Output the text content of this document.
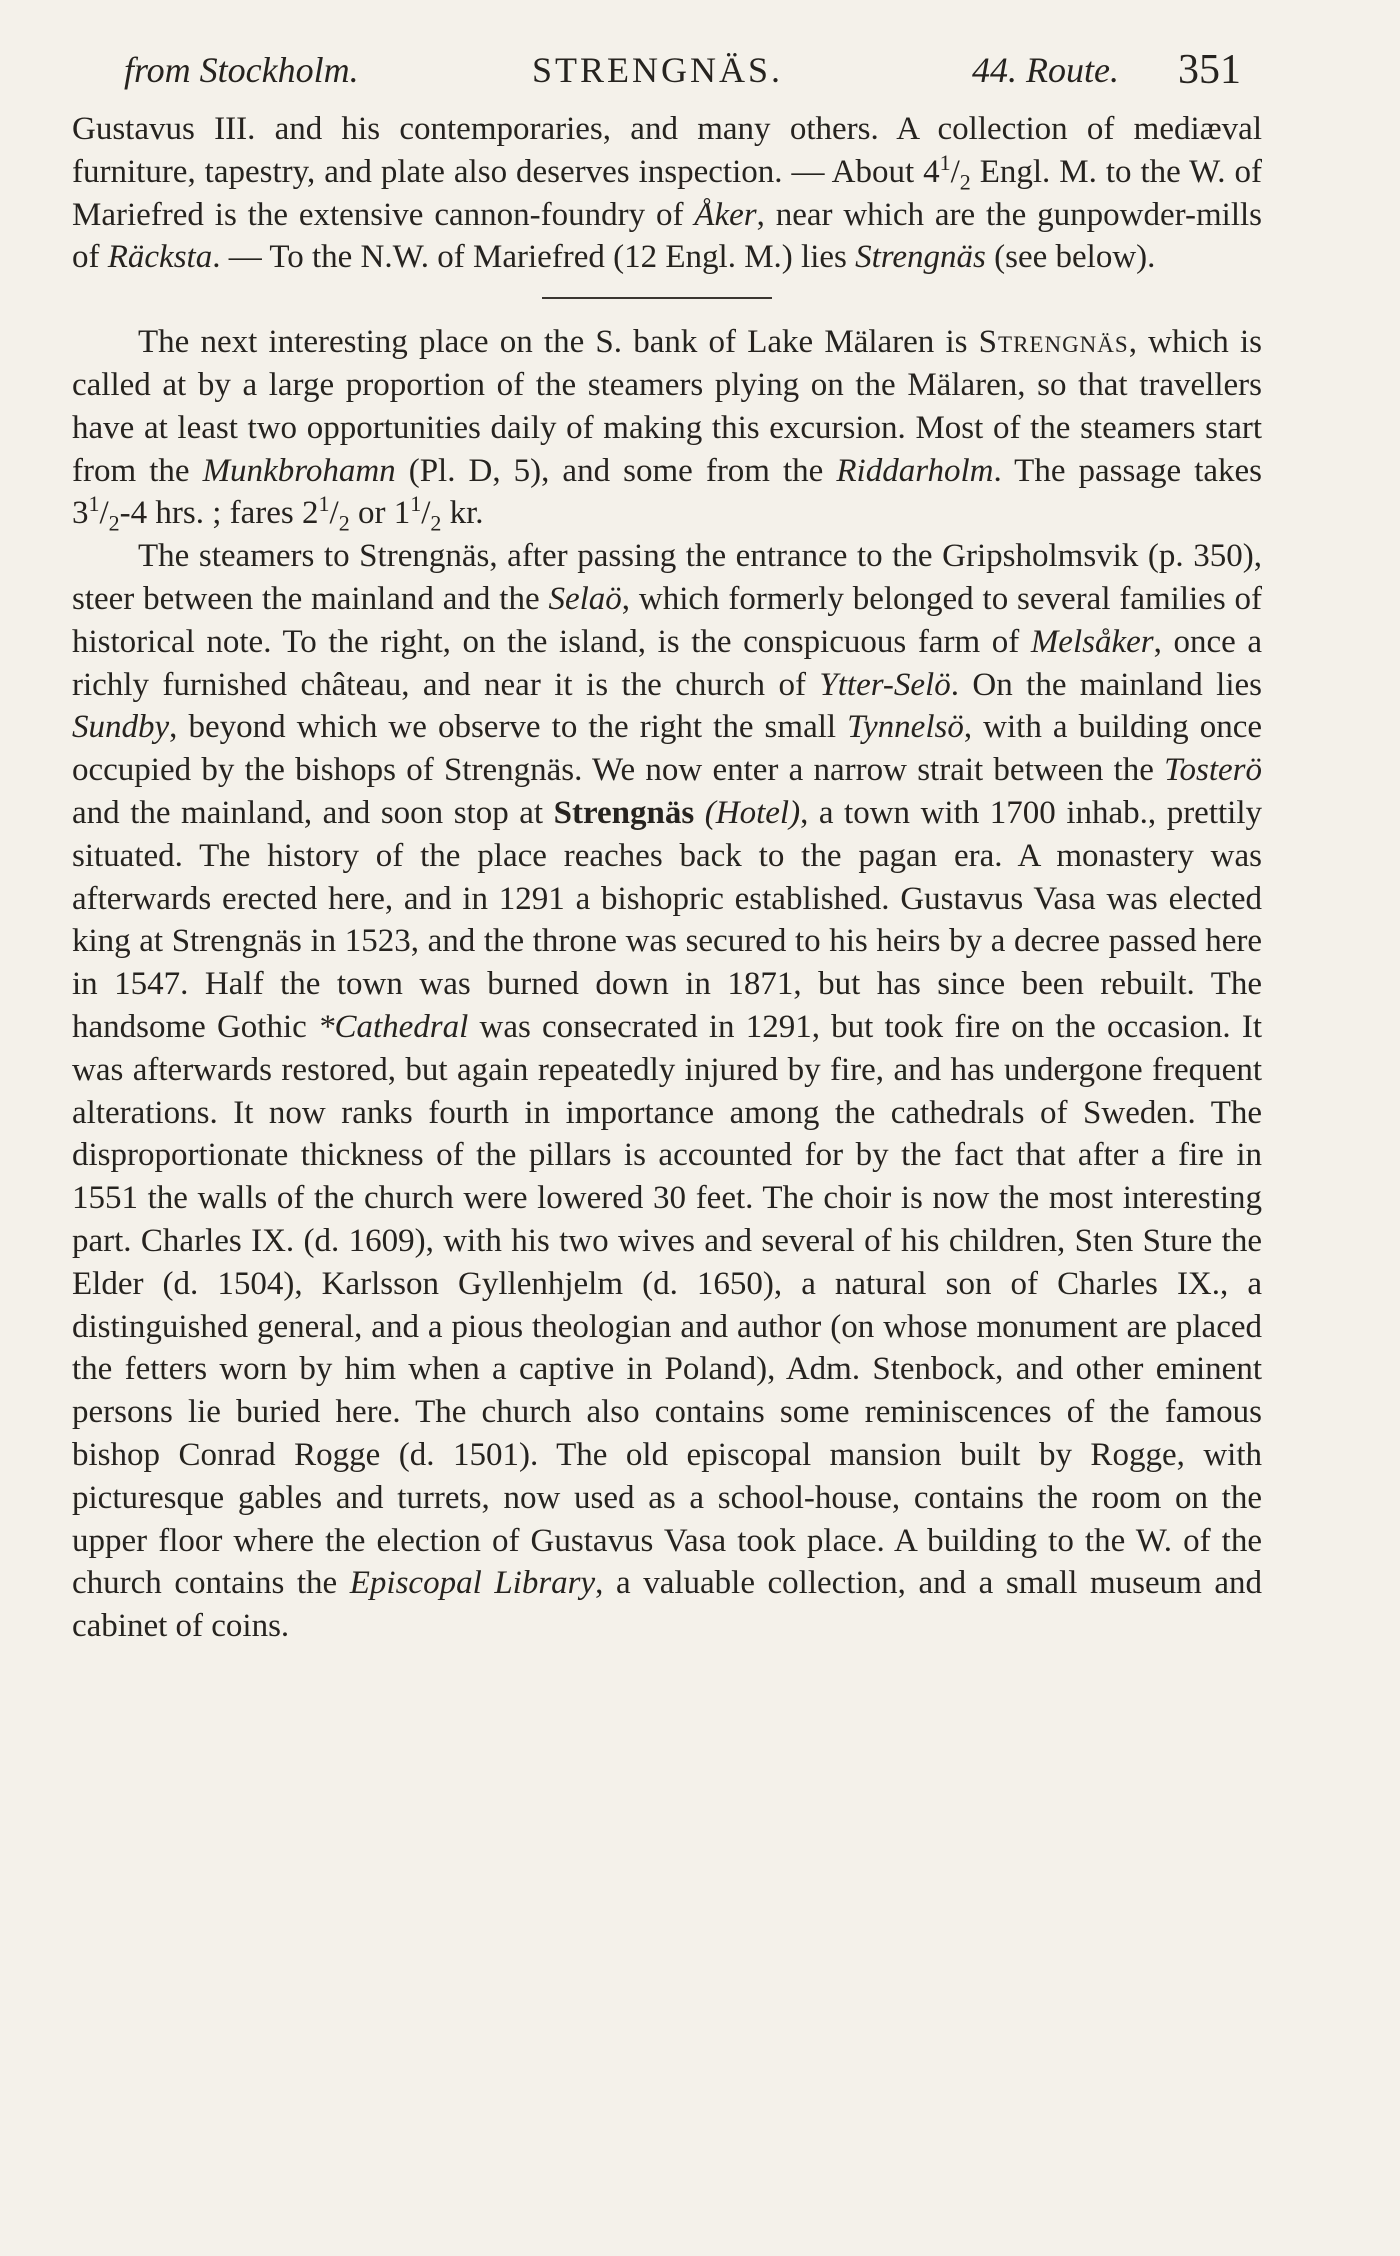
from Stockholm.	STRENGNÄS.	44. Route. 351

Gustavus III. and his contemporaries, and many others. A collection of mediæval furniture, tapestry, and plate also deserves inspection. — About $4^1/_2$ Engl. M. to the W. of Mariefred is the extensive cannon-foundry of Åker, near which are the gunpowder-mills of Räcksta. — To the N.W. of Mariefred (12 Engl. M.) lies Strengnäs (see below).

The next interesting place on the S. bank of Lake Mälaren is Strengnäs, which is called at by a large proportion of the steamers plying on the Mälaren, so that travellers have at least two opportunities daily of making this excursion. Most of the steamers start from the Munkbrohamn (Pl. D, 5), and some from the Riddarholm. The passage takes $3^1/_2-4$ hrs. ; fares $2^1/_2$ or $1^1/_2$ kr.

The steamers to Strengnäs, after passing the entrance to the Gripsholmsvik (p. 350), steer between the mainland and the Selaö, which formerly belonged to several families of historical note. To the right, on the island, is the conspicuous farm of Melsåker, once a richly furnished château, and near it is the church of Ytter-Selö. On the mainland lies Sundby, beyond which we observe to the right the small Tynnelsö, with a building once occupied by the bishops of Strengnäs. We now enter a narrow strait between the Tosterö and the mainland, and soon stop at Strengnäs (Hotel), a town with 1700 inhab., prettily situated. The history of the place reaches back to the pagan era. A monastery was afterwards erected here, and in 1291 a bishopric established. Gustavus Vasa was elected king at Strengnäs in 1523, and the throne was secured to his heirs by a decree passed here in 1547. Half the town was burned down in 1871, but has since been rebuilt. The handsome Gothic *Cathedral was consecrated in 1291, but took fire on the occasion. It was afterwards restored, but again repeatedly injured by fire, and has undergone frequent alterations. It now ranks fourth in importance among the cathedrals of Sweden. The disproportionate thickness of the pillars is accounted for by the fact that after a fire in 1551 the walls of the church were lowered 30 feet. The choir is now the most interesting part. Charles IX. (d. 1609), with his two wives and several of his children, Sten Sture the Elder (d. 1504), Karlsson Gyllenhjelm (d. 1650), a natural son of Charles IX., a distinguished general, and a pious theologian and author (on whose monument are placed the fetters worn by him when a captive in Poland), Adm. Stenbock, and other eminent persons lie buried here. The church also contains some reminiscences of the famous bishop Conrad Rogge (d. 1501). The old episcopal mansion built by Rogge, with picturesque gables and turrets, now used as a school-house, contains the room on the upper floor where the election of Gustavus Vasa took place. A building to the W. of the church contains the Episcopal Library, a valuable collection, and a small museum and cabinet of coins.
